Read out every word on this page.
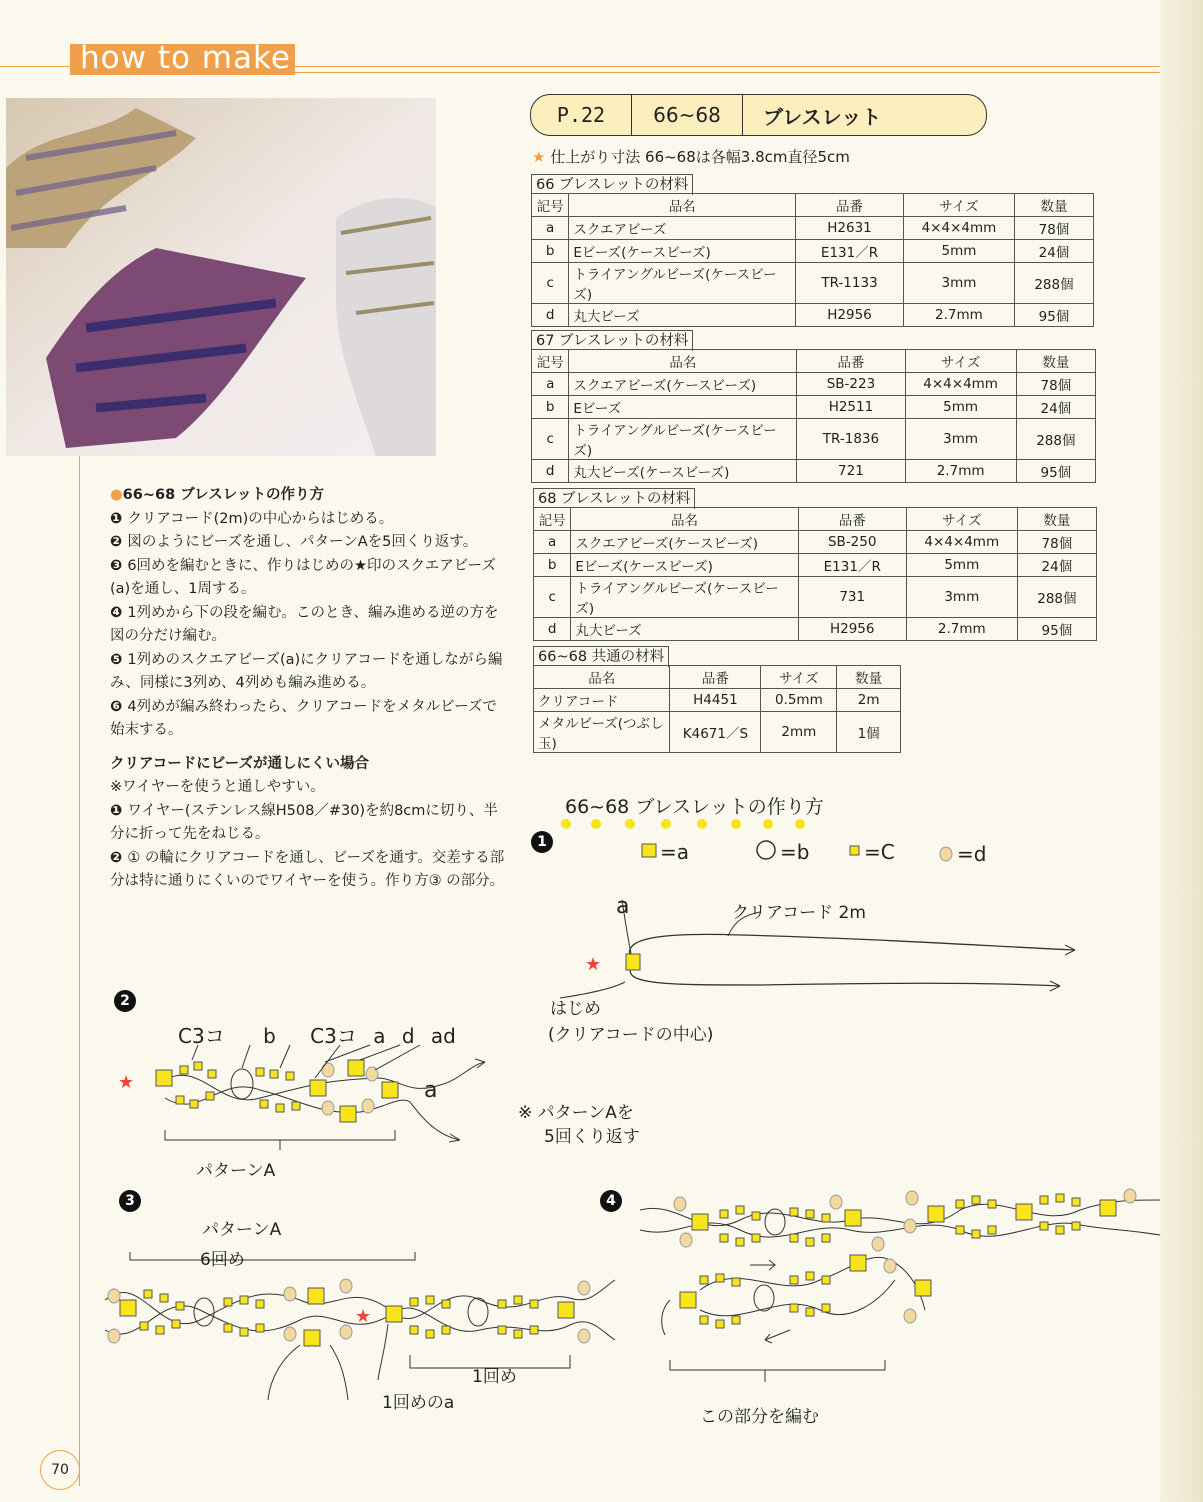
how to make
P.22	66~68	ブレスレット
★ 仕上がり寸法 66~68は各幅3.8cm直径5cm
66 ブレスレットの材料
記号	品名	品番	サイズ	数量
a	スクエアビーズ	H2631	4×4×4mm	78個
b	Eビーズ(ケースビーズ)	E131／R	5mm	24個
c	トライアングルビーズ(ケースビーズ)	TR-1133	3mm	288個
d	丸大ビーズ	H2956	2.7mm	95個
67 ブレスレットの材料
記号	品名	品番	サイズ	数量
a	スクエアビーズ(ケースビーズ)	SB-223	4×4×4mm	78個
b	Eビーズ	H2511	5mm	24個
c	トライアングルビーズ(ケースビーズ)	TR-1836	3mm	288個
d	丸大ビーズ(ケースビーズ)	721	2.7mm	95個
68 ブレスレットの材料
記号	品名	品番	サイズ	数量
a	スクエアビーズ(ケースビーズ)	SB-250	4×4×4mm	78個
b	Eビーズ(ケースビーズ)	E131／R	5mm	24個
c	トライアングルビーズ(ケースビーズ)	731	3mm	288個
d	丸大ビーズ	H2956	2.7mm	95個
66~68 共通の材料
品名	品番	サイズ	数量
クリアコード	H4451	0.5mm	2m
メタルビーズ(つぶし玉)	K4671／S	2mm	1個

●66~68 ブレスレットの作り方

❶ クリアコード(2m)の中心からはじめる。

❷ 図のようにビーズを通し、パターンAを5回くり返す。

❸ 6回めを編むときに、作りはじめの★印のスクエアビーズ(a)を通し、1周する。

❹ 1列めから下の段を編む。このとき、編み進める逆の方を図の分だけ編む。

❺ 1列めのスクエアビーズ(a)にクリアコードを通しながら編み、同様に3列め、4列めも編み進める。

❻ 4列めが編み終わったら、クリアコードをメタルビーズで始末する。

クリアコードにビーズが通しにくい場合

※ワイヤーを使うと通しやすい。

❶ ワイヤー(ステンレス線H508／#30)を約8cmに切り、半分に折って先をねじる。

❷ ① の輪にクリアコードを通し、ビーズを通す。交差する部分は特に通りにくいのでワイヤーを使う。作り方③ の部分。

66~68 ブレスレットの作り方
1
2
3	4
=a	=b	=C	=d
★
a	クリアコード 2m
はじめ
(クリアコードの中心)
★
C3コ b C3コ a d ad
a
パターンA
※ パターンAを
5回くり返す
★
パターンA
6回め
1回め
1回めのa
この部分を編む
70
